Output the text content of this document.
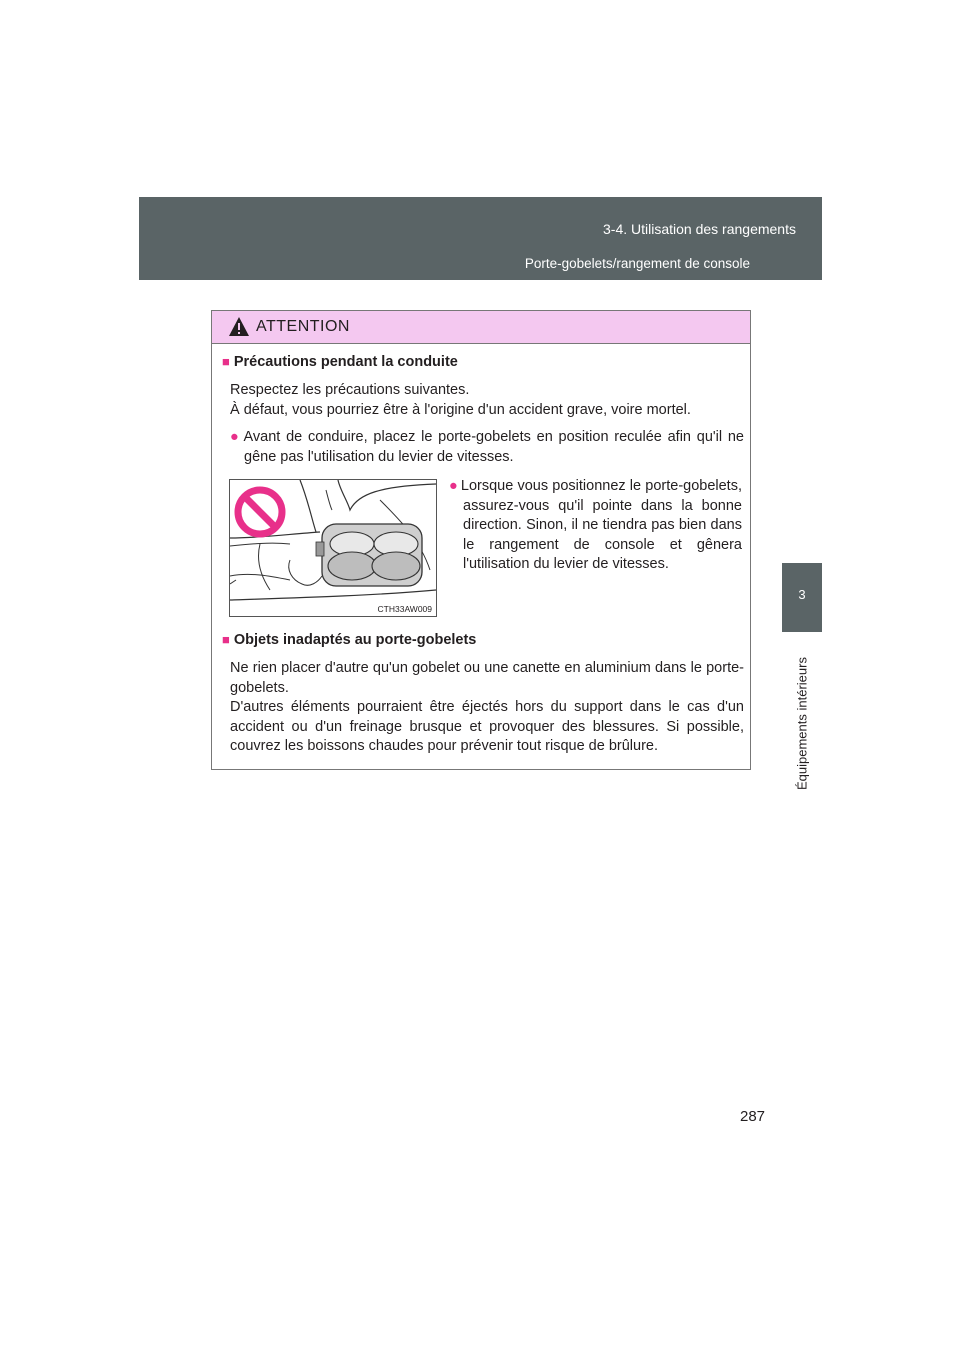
3-4. Utilisation des rangements
Porte-gobelets/rangement de console
3
Équipements intérieurs
ATTENTION
■ Précautions pendant la conduite
Respectez les précautions suivantes.
À défaut, vous pourriez être à l'origine d'un accident grave, voire mortel.
● Avant de conduire, placez le porte-gobelets en position reculée afin qu'il ne gêne pas l'utilisation du levier de vitesses.
CTH33AW009
● Lorsque vous positionnez le porte-gobelets, assurez-vous qu'il pointe dans la bonne direction. Sinon, il ne tiendra pas bien dans le rangement de console et gênera l'utilisation du levier de vitesses.
■ Objets inadaptés au porte-gobelets
Ne rien placer d'autre qu'un gobelet ou une canette en aluminium dans le porte-gobelets.
D'autres éléments pourraient être éjectés hors du support dans le cas d'un accident ou d'un freinage brusque et provoquer des blessures. Si possible, couvrez les boissons chaudes pour prévenir tout risque de brûlure.
287
